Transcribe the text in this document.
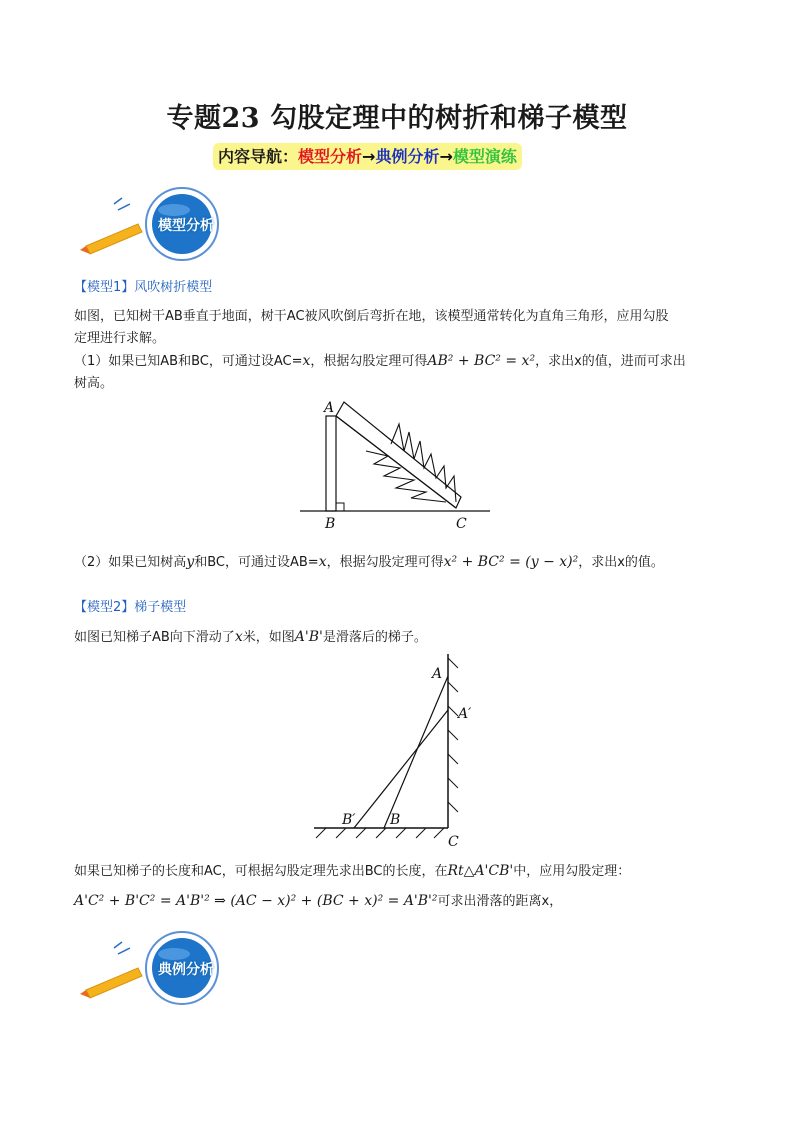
专题23 勾股定理中的树折和梯子模型
内容导航：模型分析→典例分析→模型演练
模型分析
【模型1】风吹树折模型
如图，已知树干AB垂直于地面，树干AC被风吹倒后弯折在地，该模型通常转化为直角三角形，应用勾股
定理进行求解。
（1）如果已知AB和BC，可通过设AC=x，根据勾股定理可得AB² + BC² = x²，求出x的值，进而可求出
树高。
A
B	C
（2）如果已知树高y和BC，可通过设AB=x，根据勾股定理可得x² + BC² = (y − x)²，求出x的值。
【模型2】梯子模型
如图已知梯子AB向下滑动了x米，如图A'B'是滑落后的梯子。
A
A′
B′ B
C
如果已知梯子的长度和AC，可根据勾股定理先求出BC的长度，在Rt△A'CB'中，应用勾股定理：
A'C² + B'C² = A'B'² ⇒ (AC − x)² + (BC + x)² = A'B'²可求出滑落的距离x，
典例分析
